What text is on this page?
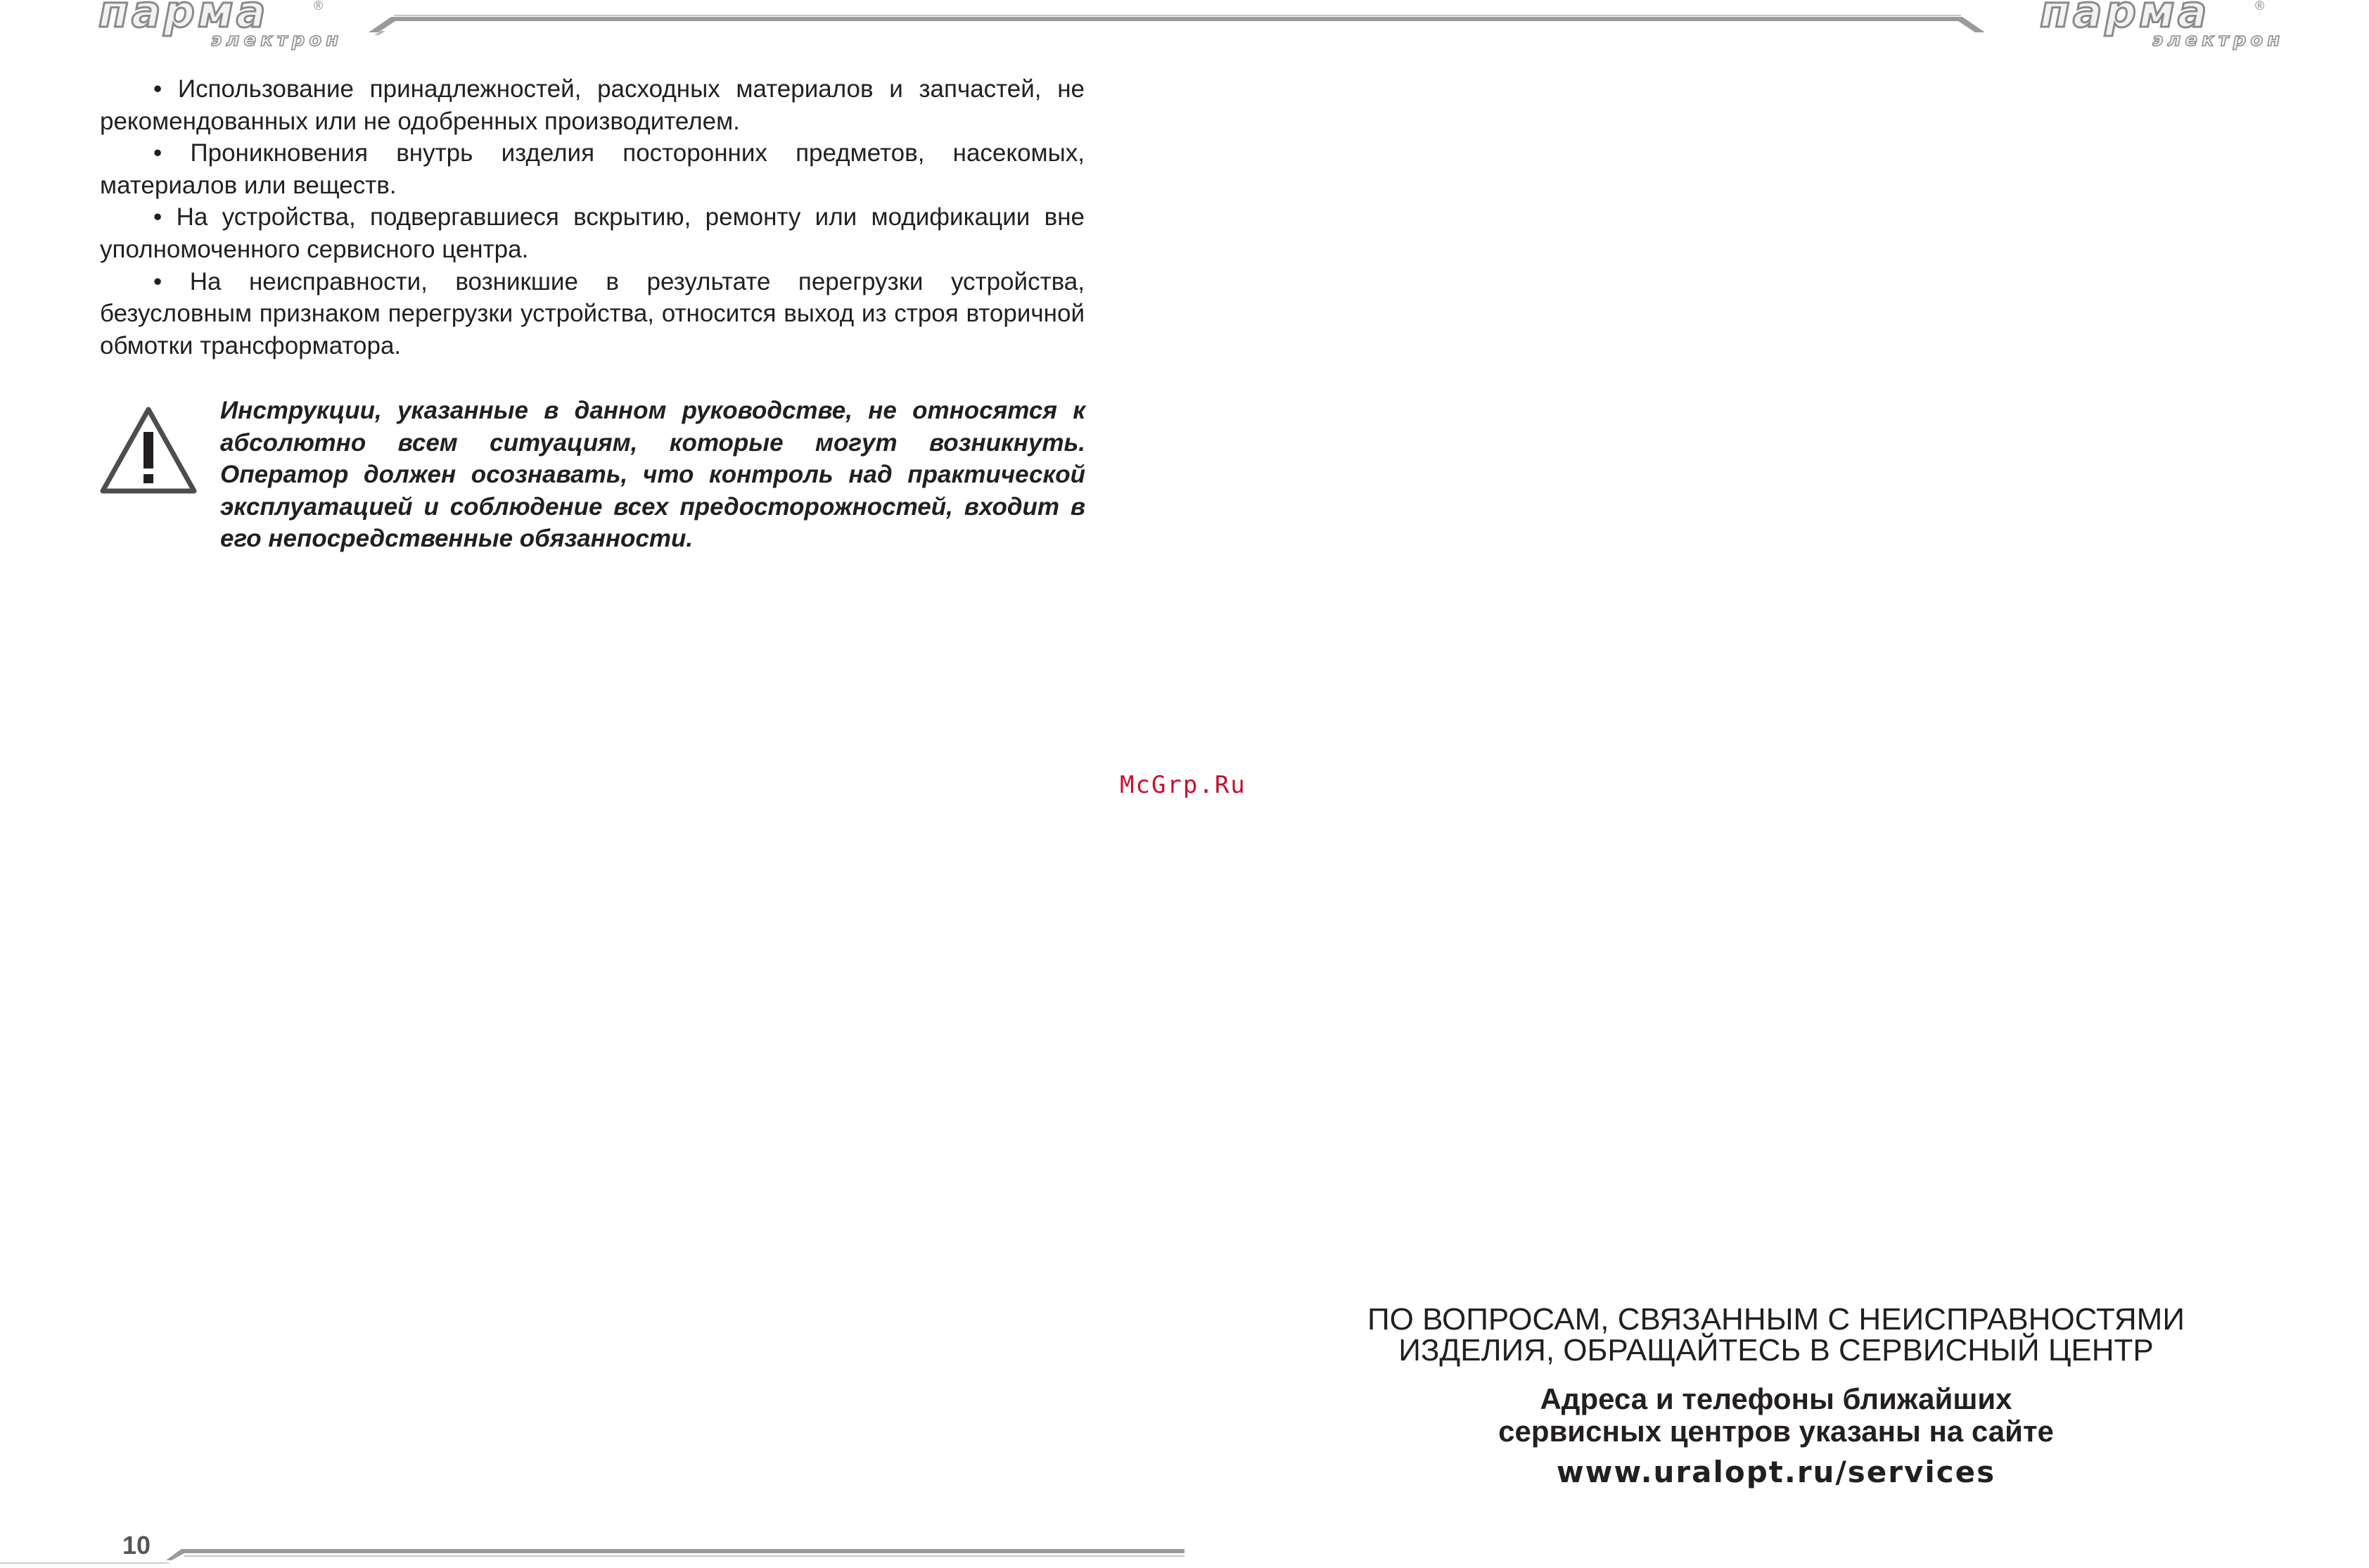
парма
электрон
®	парма
электрон
®

• Использование принадлежностей, расходных материалов и запчастей, не рекомендованных или не одобренных производителем.

• Проникновения внутрь изделия посторонних предметов, насекомых, материалов или веществ.

• На устройства, подвергавшиеся вскрытию, ремонту или модификации вне уполномоченного сервисного центра.

• На неисправности, возникшие в результате перегрузки устройства, безусловным признаком перегрузки устройства, относится выход из строя вторичной обмотки трансформатора.

Инструкции, указанные в данном руководстве, не относятся к абсолютно всем ситуациям, которые могут возникнуть. Оператор должен осознавать, что контроль над практической эксплуатацией и соблюдение всех предосторожностей, входит в его непосредственные обязанности.
McGrp.Ru
10
ПО ВОПРОСАМ, СВЯЗАННЫМ С НЕИСПРАВНОСТЯМИ
ИЗДЕЛИЯ, ОБРАЩАЙТЕСЬ В СЕРВИСНЫЙ ЦЕНТР
Адреса и телефоны ближайших
сервисных центров указаны на сайте
www.uralopt.ru/services
